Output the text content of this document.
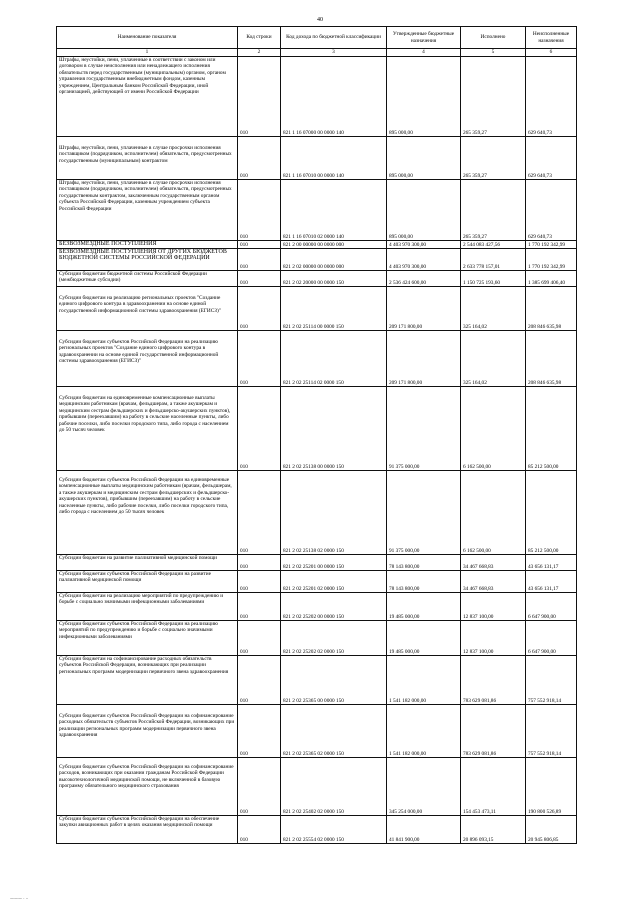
40
Наименование показателя	Код строки	Код дохода по бюджетной классификации	Утвержденные бюджетные назначения	Исполнено	Неисполненные назначения
1	2	3	4	5	6
Штрафы, неустойки, пени, уплаченные в соответствии с законом или договором в случае неисполнения или ненадлежащего исполнения обязательств перед государственным (муниципальным) органом, органом управления государственным внебюджетным фондом, казенным учреждением, Центральным банком Российской Федерации, иной организацией, действующей от имени Российской Федерации	010	821 1 16 07000 00 0000 140	895 000,00	265 359,27	629 640,73
Штрафы, неустойки, пени, уплаченные в случае просрочки исполнения поставщиком (подрядчиком, исполнителем) обязательств, предусмотренных государственным (муниципальным) контрактом	010	821 1 16 07010 00 0000 140	895 000,00	265 359,27	629 640,73
Штрафы, неустойки, пени, уплаченные в случае просрочки исполнения поставщиком (подрядчиком, исполнителем) обязательств, предусмотренных государственным контрактом, заключенным государственным органом субъекта Российской Федерации, казенным учреждением субъекта Российской Федерации	010	821 1 16 07010 02 0000 140	895 000,00	265 359,27	629 640,73
БЕЗВОЗМЕЗДНЫЕ ПОСТУПЛЕНИЯ	010	821 2 00 00000 00 0000 000	4 403 970 300,00	2 544 083 427,56	1 770 192 342,99
БЕЗВОЗМЕЗДНЫЕ ПОСТУПЛЕНИЯ ОТ ДРУГИХ БЮДЖЕТОВ БЮДЖЕТНОЙ СИСТЕМЫ РОССИЙСКОЙ ФЕДЕРАЦИИ	010	821 2 02 00000 00 0000 000	4 403 970 300,00	2 633 778 157,01	1 770 192 342,99
Субсидии бюджетам бюджетной системы Российской Федерации (межбюджетные субсидии)	010	821 2 02 20000 00 0000 150	2 536 424 600,00	1 150 725 193,60	1 385 699 406,40
Субсидии бюджетам на реализацию региональных проектов "Создание единого цифрового контура в здравоохранении на основе единой государственной информационной системы здравоохранения (ЕГИСЗ)"	010	821 2 02 25114 00 0000 150	209 171 800,00	325 164,02	208 846 635,98
Субсидии бюджетам субъектов Российской Федерации на реализацию региональных проектов "Создание единого цифрового контура в здравоохранении на основе единой государственной информационной системы здравоохранения (ЕГИСЗ)"	010	821 2 02 25114 02 0000 150	209 171 800,00	325 164,02	208 846 635,98
Субсидии бюджетам на единовременные компенсационные выплаты медицинским работникам (врачам, фельдшерам, а также акушеркам и медицинским сестрам фельдшерских и фельдшерско-акушерских пунктов), прибывшим (переехавшим) на работу в сельские населенные пункты, либо рабочие поселки, либо поселки городского типа, либо города с населением до 50 тысяч человек	010	821 2 02 25138 00 0000 150	91 375 000,00	6 162 500,00	85 212 500,00
Субсидии бюджетам субъектов Российской Федерации на единовременные компенсационные выплаты медицинским работникам (врачам, фельдшерам, а также акушеркам и медицинским сестрам фельдшерских и фельдшерско-акушерских пунктов), прибывшим (переехавшим) на работу в сельские населенные пункты, либо рабочие поселки, либо поселки городского типа, либо города с населением до 50 тысяч человек	010	821 2 02 25138 02 0000 150	91 375 000,00	6 162 500,00	85 212 500,00
Субсидии бюджетам на развитие паллиативной медицинской помощи	010	821 2 02 25201 00 0000 150	78 143 800,00	34 467 668,83	43 656 131,17
Субсидии бюджетам субъектов Российской Федерации на развитие паллиативной медицинской помощи	010	821 2 02 25201 02 0000 150	78 143 800,00	34 467 668,83	43 656 131,17
Субсидии бюджетам на реализацию мероприятий по предупреждению и борьбе с социально значимыми инфекционными заболеваниями	010	821 2 02 25202 00 0000 150	19 485 000,00	12 837 100,00	6 647 900,00
Субсидии бюджетам субъектов Российской Федерации на реализацию мероприятий по предупреждению и борьбе с социально значимыми инфекционными заболеваниями	010	821 2 02 25202 02 0000 150	19 485 000,00	12 837 100,00	6 647 900,00
Субсидии бюджетам на софинансирование расходных обязательств субъектов Российской Федерации, возникающих при реализации региональных программ модернизации первичного звена здравоохранения	010	821 2 02 25365 00 0000 150	1 541 182 000,00	783 629 081,86	757 552 918,14
Субсидии бюджетам субъектов Российской Федерации на софинансирование расходных обязательств субъектов Российской Федерации, возникающих при реализации региональных программ модернизации первичного звена здравоохранения	010	821 2 02 25365 02 0000 150	1 541 182 000,00	783 629 081,86	757 552 918,14
Субсидии бюджетам субъектов Российской Федерации на софинансирование расходов, возникающих при оказании гражданам Российской Федерации высокотехнологичной медицинской помощи, не включенной в базовую программу обязательного медицинского страхования	010	821 2 02 25402 02 0000 150	345 254 000,00	154 453 473,11	190 800 526,89
Субсидии бюджетам субъектов Российской Федерации на обеспечение закупки авиационных работ в целях оказания медицинской помощи	010	821 2 02 25554 02 0000 150	41 841 900,00	20 896 093,15	20 945 806,85
——— · ··
